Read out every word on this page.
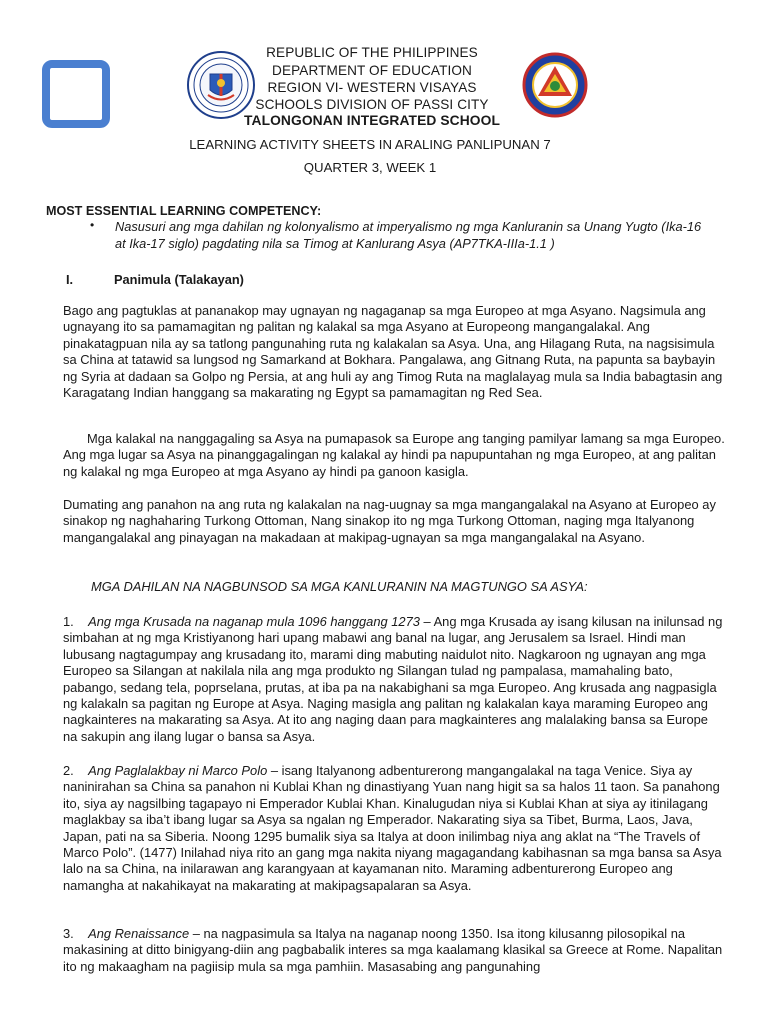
REPUBLIC OF THE PHILIPPINES
DEPARTMENT OF EDUCATION
REGION VI- WESTERN VISAYAS
SCHOOLS DIVISION OF PASSI CITY
TALONGONAN INTEGRATED SCHOOL
LEARNING ACTIVITY SHEETS IN ARALING PANLIPUNAN 7
QUARTER 3, WEEK 1
MOST ESSENTIAL LEARNING COMPETENCY:
• Nasusuri ang mga dahilan ng kolonyalismo at imperyalismo ng mga Kanluranin sa Unang Yugto (Ika-16 at Ika-17 siglo) pagdating nila sa Timog at Kanlurang Asya (AP7TKA-IIIa-1.1 )
I.	Panimula (Talakayan)

Bago ang pagtuklas at pananakop may ugnayan ng nagaganap sa mga Europeo at mga Asyano. Nagsimula ang ugnayang ito sa pamamagitan ng palitan ng kalakal sa mga Asyano at Europeong mangangalakal. Ang pinakatagpuan nila ay sa tatlong pangunahing ruta ng kalakalan sa Asya. Una, ang Hilagang Ruta, na nagsisimula sa China at tatawid sa lungsod ng Samarkand at Bokhara. Pangalawa, ang Gitnang Ruta, na papunta sa baybayin ng Syria at dadaan sa Golpo ng Persia, at ang huli ay ang Timog Ruta na maglalayag mula sa India babagtasin ang Karagatang Indian hanggang sa makarating ng Egypt sa pamamagitan ng Red Sea.

Mga kalakal na nanggagaling sa Asya na pumapasok sa Europe ang tanging pamilyar lamang sa mga Europeo. Ang mga lugar sa Asya na pinanggagalingan ng kalakal ay hindi pa napupuntahan ng mga Europeo, at ang palitan ng kalakal ng mga Europeo at mga Asyano ay hindi pa ganoon kasigla.

Dumating ang panahon na ang ruta ng kalakalan na nag-uugnay sa mga mangangalakal na Asyano at Europeo ay sinakop ng naghaharing Turkong Ottoman, Nang sinakop ito ng mga Turkong Ottoman, naging mga Italyanong mangangalakal ang pinayagan na makadaan at makipag-ugnayan sa mga mangangalakal na Asyano.

MGA DAHILAN NA NAGBUNSOD SA MGA KANLURANIN NA MAGTUNGO SA ASYA:

1. Ang mga Krusada na naganap mula 1096 hanggang 1273 – Ang mga Krusada ay isang kilusan na inilunsad ng simbahan at ng mga Kristiyanong hari upang mabawi ang banal na lugar, ang Jerusalem sa Israel. Hindi man lubusang nagtagumpay ang krusadang ito, marami ding mabuting naidulot nito. Nagkaroon ng ugnayan ang mga Europeo sa Silangan at nakilala nila ang mga produkto ng Silangan tulad ng pampalasa, mamahaling bato, pabango, sedang tela, poprselana, prutas, at iba pa na nakabighani sa mga Europeo. Ang krusada ang nagpasigla ng kalakaln sa pagitan ng Europe at Asya. Naging masigla ang palitan ng kalakalan kaya maraming Europeo ang nagkainteres na makarating sa Asya. At ito ang naging daan para magkainteres ang malalaking bansa sa Europe na sakupin ang ilang lugar o bansa sa Asya.

2. Ang Paglalakbay ni Marco Polo – isang Italyanong adbenturerong mangangalakal na taga Venice. Siya ay naninirahan sa China sa panahon ni Kublai Khan ng dinastiyang Yuan nang higit sa sa halos 11 taon. Sa panahong ito, siya ay nagsilbing tagapayo ni Emperador Kublai Khan. Kinalugudan niya si Kublai Khan at siya ay itinilagang maglakbay sa iba’t ibang lugar sa Asya sa ngalan ng Emperador. Nakarating siya sa Tibet, Burma, Laos, Java, Japan, pati na sa Siberia. Noong 1295 bumalik siya sa Italya at doon inilimbag niya ang aklat na “The Travels of Marco Polo”. (1477) Inilahad niya rito an gang mga nakita niyang magagandang kabihasnan sa mga bansa sa Asya lalo na sa China, na inilarawan ang karangyaan at kayamanan nito. Maraming adbenturerong Europeo ang namangha at nakahikayat na makarating at makipagsapalaran sa Asya.

3. Ang Renaissance – na nagpasimula sa Italya na naganap noong 1350. Isa itong kilusanng pilosopikal na makasining at ditto binigyang-diin ang pagbabalik interes sa mga kaalamang klasikal sa Greece at Rome. Napalitan ito ng makaagham na pagiisip mula sa mga pamhiin. Masasabing ang pangunahing
